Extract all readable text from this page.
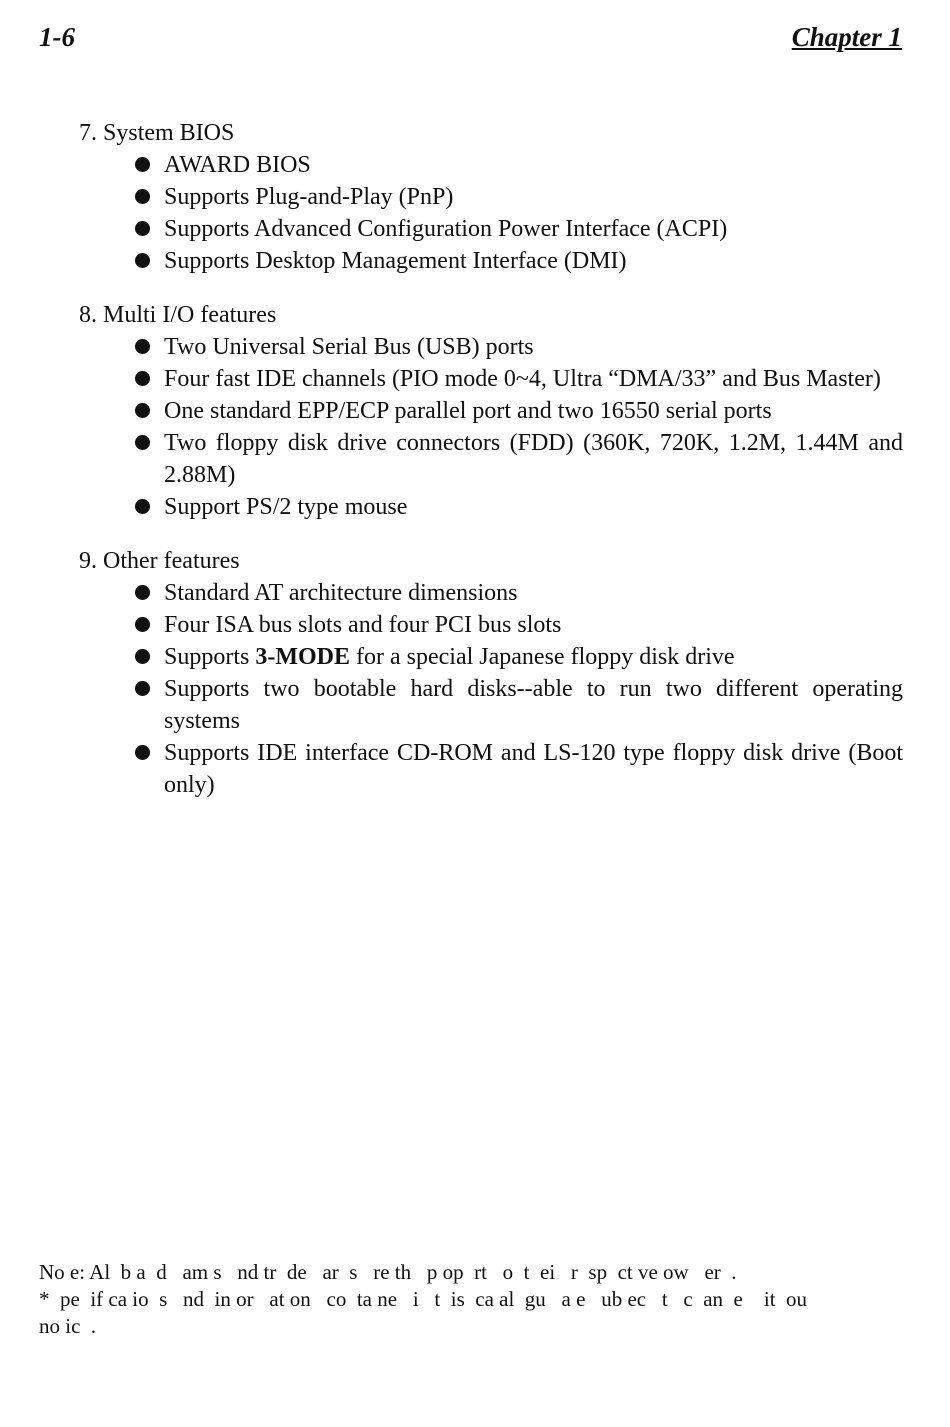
1-6	Chapter 1

7. System BIOS

AWARD BIOS
Supports Plug-and-Play (PnP)
Supports Advanced Configuration Power Interface (ACPI)
Supports Desktop Management Interface (DMI)

8. Multi I/O features

Two Universal Serial Bus (USB) ports
Four fast IDE channels (PIO mode 0~4, Ultra “DMA/33” and Bus Master)
One standard EPP/ECP parallel port and two 16550 serial ports
Two floppy disk drive connectors (FDD) (360K, 720K, 1.2M, 1.44M and 2.88M)
Support PS/2 type mouse

9. Other features

Standard AT architecture dimensions
Four ISA bus slots and four PCI bus slots
Supports 3-MODE for a special Japanese floppy disk drive
Supports two bootable hard disks--able to run two different operating systems
Supports IDE interface CD-ROM and LS-120 type floppy disk drive (Boot only)
No e: Al  b a  d   am s   nd tr  de   ar  s   re th   p op  rt   o  t  ei   r  sp  ct ve ow   er  .
*  pe  if ca io  s   nd  in or   at on   co  ta ne   i   t  is  ca al  gu   a e   ub ec   t   c  an  e    it  ou
no ic  .
